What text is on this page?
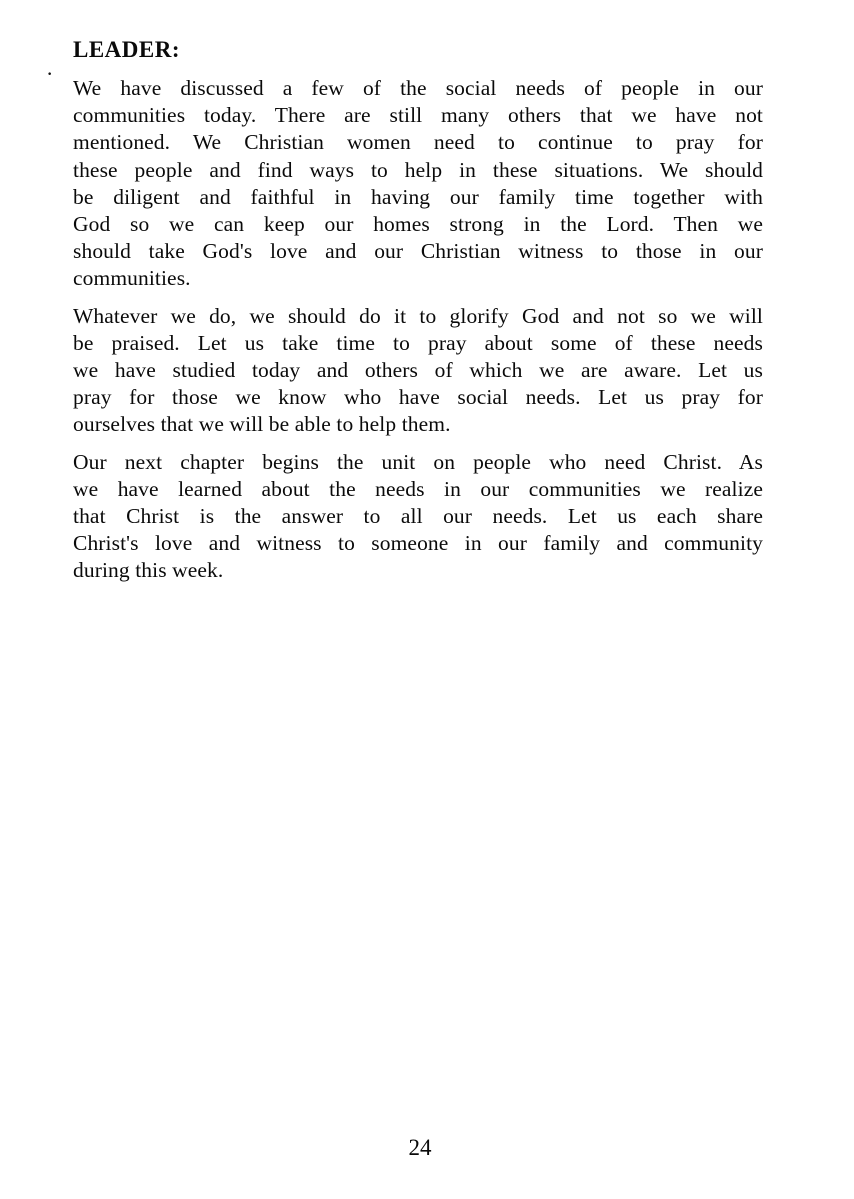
·
LEADER:
We have discussed a few of the social needs of people in our
communities today. There are still many others that we have not
mentioned. We Christian women need to continue to pray for
these people and find ways to help in these situations. We should
be diligent and faithful in having our family time together with
God so we can keep our homes strong in the Lord. Then we
should take God's love and our Christian witness to those in our
communities.
Whatever we do, we should do it to glorify God and not so we will
be praised. Let us take time to pray about some of these needs
we have studied today and others of which we are aware. Let us
pray for those we know who have social needs. Let us pray for
ourselves that we will be able to help them.
Our next chapter begins the unit on people who need Christ. As
we have learned about the needs in our communities we realize
that Christ is the answer to all our needs. Let us each share
Christ's love and witness to someone in our family and community
during this week.
24
